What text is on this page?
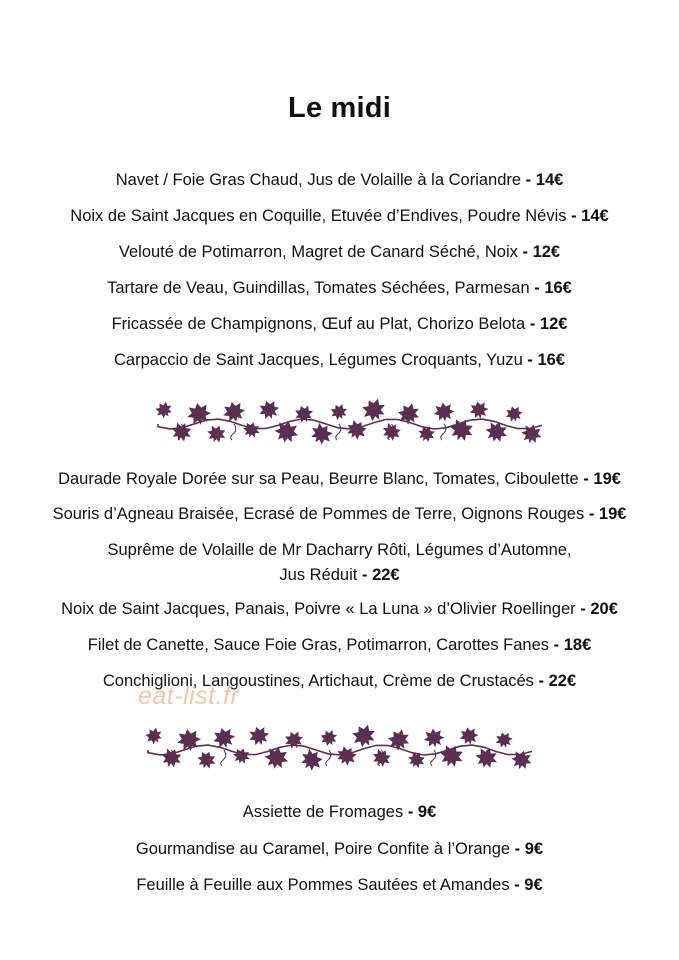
Le midi
Navet / Foie Gras Chaud, Jus de Volaille à la Coriandre - 14€
Noix de Saint Jacques en Coquille, Etuvée d’Endives, Poudre Névis - 14€
Velouté de Potimarron, Magret de Canard Séché, Noix - 12€
Tartare de Veau, Guindillas, Tomates Séchées, Parmesan - 16€
Fricassée de Champignons, Œuf au Plat, Chorizo Belota - 12€
Carpaccio de Saint Jacques, Légumes Croquants, Yuzu - 16€
Daurade Royale Dorée sur sa Peau, Beurre Blanc, Tomates, Ciboulette - 19€
Souris d’Agneau Braisée, Ecrasé de Pommes de Terre, Oignons Rouges - 19€
Suprême de Volaille de Mr Dacharry Rôti, Légumes d’Automne,
Jus Réduit - 22€
Noix de Saint Jacques, Panais, Poivre « La Luna » d’Olivier Roellinger - 20€
Filet de Canette, Sauce Foie Gras, Potimarron, Carottes Fanes - 18€
Conchiglioni, Langoustines, Artichaut, Crème de Crustacés - 22€
eat-list.fr
Assiette de Fromages - 9€
Gourmandise au Caramel, Poire Confite à l’Orange - 9€
Feuille à Feuille aux Pommes Sautées et Amandes - 9€
